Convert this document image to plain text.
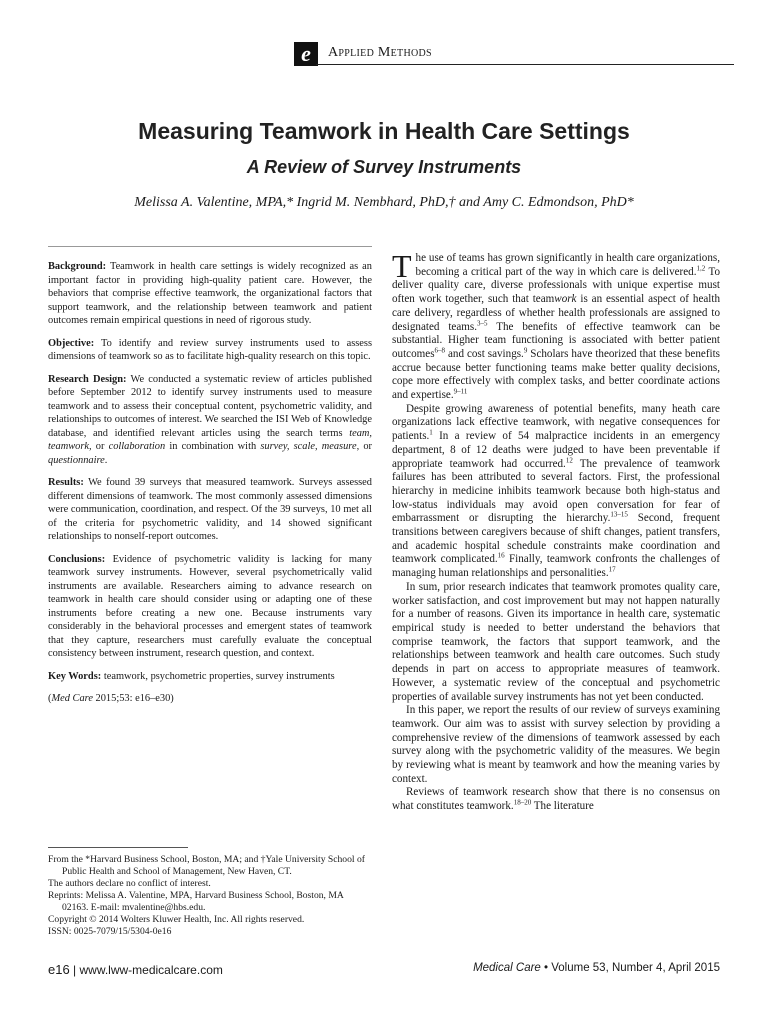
e	Applied Methods
Measuring Teamwork in Health Care Settings
A Review of Survey Instruments
Melissa A. Valentine, MPA,* Ingrid M. Nembhard, PhD,† and Amy C. Edmondson, PhD*

Background: Teamwork in health care settings is widely recognized as an important factor in providing high-quality patient care. However, the behaviors that comprise effective teamwork, the organizational factors that support teamwork, and the relationship between teamwork and patient outcomes remain empirical questions in need of rigorous study.

Objective: To identify and review survey instruments used to assess dimensions of teamwork so as to facilitate high-quality research on this topic.

Research Design: We conducted a systematic review of articles published before September 2012 to identify survey instruments used to measure teamwork and to assess their conceptual content, psychometric validity, and relationships to outcomes of interest. We searched the ISI Web of Knowledge database, and identified relevant articles using the search terms team, teamwork, or collaboration in combination with survey, scale, measure, or questionnaire.

Results: We found 39 surveys that measured teamwork. Surveys assessed different dimensions of teamwork. The most commonly assessed dimensions were communication, coordination, and respect. Of the 39 surveys, 10 met all of the criteria for psychometric validity, and 14 showed significant relationships to nonself-report outcomes.

Conclusions: Evidence of psychometric validity is lacking for many teamwork survey instruments. However, several psychometrically valid instruments are available. Researchers aiming to advance research on teamwork in health care should consider using or adapting one of these instruments before creating a new one. Because instruments vary considerably in the behavioral processes and emergent states of teamwork that they capture, researchers must carefully evaluate the conceptual consistency between instrument, research question, and context.

Key Words: teamwork, psychometric properties, survey instruments

(Med Care 2015;53: e16–e30)

From the *Harvard Business School, Boston, MA; and †Yale University School of Public Health and School of Management, New Haven, CT.

The authors declare no conflict of interest.

Reprints: Melissa A. Valentine, MPA, Harvard Business School, Boston, MA 02163. E-mail: mvalentine@hbs.edu.

Copyright © 2014 Wolters Kluwer Health, Inc. All rights reserved.

ISSN: 0025-7079/15/5304-0e16

The use of teams has grown significantly in health care organizations, becoming a critical part of the way in which care is delivered.$^{1,2}$ To deliver quality care, diverse professionals with unique expertise must often work together, such that teamwork is an essential aspect of health care delivery, regardless of whether health professionals are assigned to designated teams.$^{3-5}$ The benefits of effective teamwork can be substantial. Higher team functioning is associated with better patient outcomes$^{6-8}$ and cost savings.$^9$ Scholars have theorized that these benefits accrue because better functioning teams make better quality decisions, cope more effectively with complex tasks, and better coordinate actions and expertise.$^{9-11}$

Despite growing awareness of potential benefits, many heath care organizations lack effective teamwork, with negative consequences for patients.$^1$ In a review of 54 malpractice incidents in an emergency department, 8 of 12 deaths were judged to have been preventable if appropriate teamwork had occurred.$^{12}$ The prevalence of teamwork failures has been attributed to several factors. First, the professional hierarchy in medicine inhibits teamwork because both high-status and low-status individuals may avoid open conversation for fear of embarrassment or disrupting the hierarchy.$^{13-15}$ Second, frequent transitions between caregivers because of shift changes, patient transfers, and academic hospital schedule constraints make coordination and teamwork complicated.$^{16}$ Finally, teamwork confronts the challenges of managing human relationships and personalities.$^{17}$

In sum, prior research indicates that teamwork promotes quality care, worker satisfaction, and cost improvement but may not happen naturally for a number of reasons. Given its importance in health care, systematic empirical study is needed to better understand the behaviors that comprise teamwork, the factors that support teamwork, and the relationships between teamwork and health care outcomes. Such study depends in part on access to appropriate measures of teamwork. However, a systematic review of the conceptual and psychometric properties of available survey instruments has not yet been conducted.

In this paper, we report the results of our review of surveys examining teamwork. Our aim was to assist with survey selection by providing a comprehensive review of the dimensions of teamwork assessed by each survey along with the psychometric validity of the measures. We begin by reviewing what is meant by teamwork and how the meaning varies by context.

Reviews of teamwork research show that there is no consensus on what constitutes teamwork.$^{18-20}$ The literature

e16 | www.lww-medicalcare.com	Medical Care • Volume 53, Number 4, April 2015
